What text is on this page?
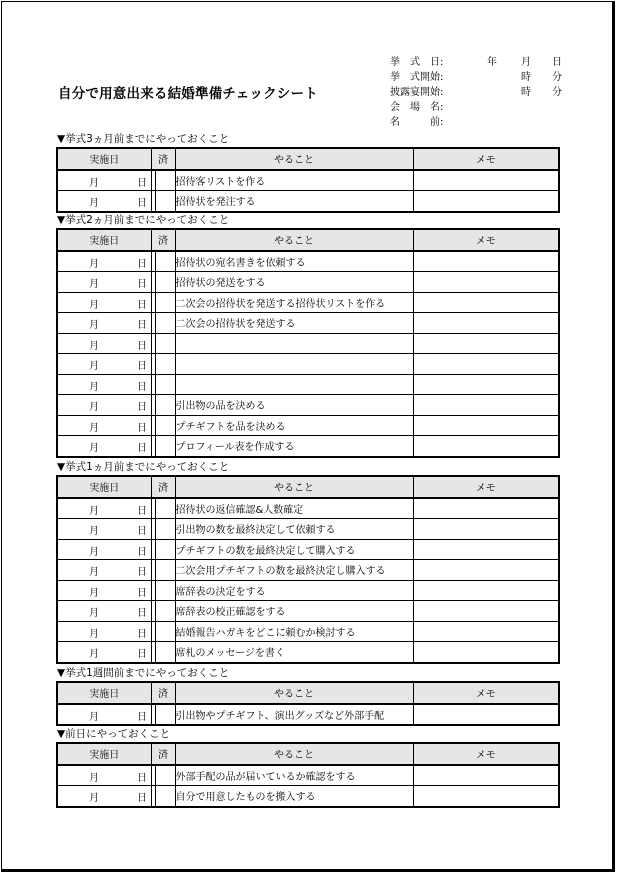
自分で用意出来る結婚準備チェックシート
挙　式　日:	年 月 日
挙　式開始:	時 分
披露宴開始:	時 分
会　場　名:
名　　　前:
▼挙式3ヵ月前までにやっておくこと
実施日	済	やること	メモ

月 日		招待客リストを作る	

月 日		招待状を発注する	
▼挙式2ヵ月前までにやっておくこと
実施日	済	やること	メモ

月 日		招待状の宛名書きを依頼する	

月 日		招待状の発送をする	

月 日		二次会の招待状を発送する招待状リストを作る	

月 日		二次会の招待状を発送する	

月 日			

月 日			

月 日			

月 日		引出物の品を決める	

月 日		プチギフトを品を決める	

月 日		プロフィール表を作成する	
▼挙式1ヵ月前までにやっておくこと
実施日	済	やること	メモ

月 日		招待状の返信確認&人数確定	

月 日		引出物の数を最終決定して依頼する	

月 日		プチギフトの数を最終決定して購入する	

月 日		二次会用プチギフトの数を最終決定し購入する	

月 日		席辞表の決定をする	

月 日		席辞表の校正確認をする	

月 日		結婚報告ハガキをどこに頼むか検討する	

月 日		席札のメッセージを書く	
▼挙式1週間前までにやっておくこと
実施日	済	やること	メモ

月 日		引出物やプチギフト、演出グッズなど外部手配	
▼前日にやっておくこと
実施日	済	やること	メモ

月 日		外部手配の品が届いているか確認をする	

月 日		自分で用意したものを搬入する	
